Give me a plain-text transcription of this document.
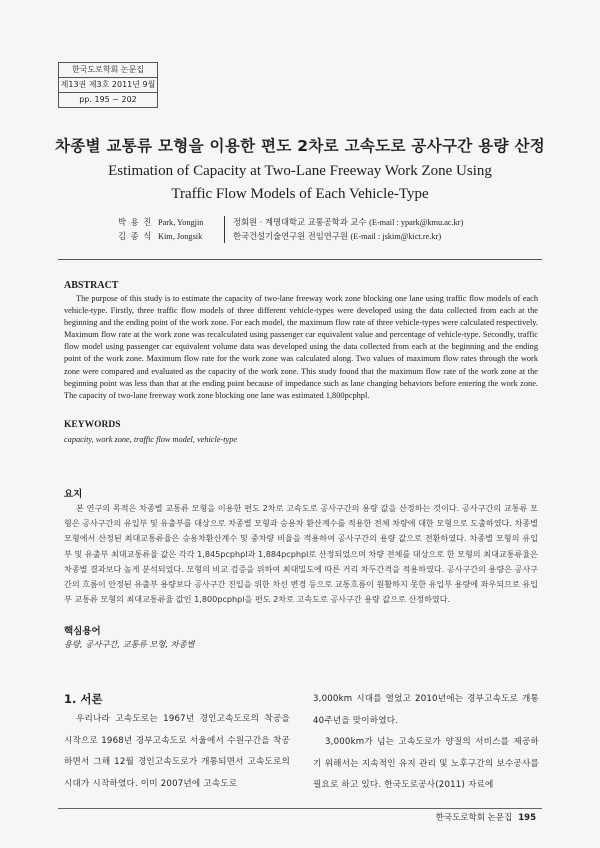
한국도로학회 논문집
제13권 제3호 2011년 9월
pp. 195 ~ 202
차종별 교통류 모형을 이용한 편도 2차로 고속도로 공사구간 용량 산정
Estimation of Capacity at Two-Lane Freeway Work Zone Using
Traffic Flow Models of Each Vehicle-Type
박 용 진 Park, Yongjin	정회원 · 계명대학교 교통공학과 교수 (E-mail : ypark@kmu.ac.kr)
김 종 식 Kim, Jongsik	한국건설기술연구원 전임연구원 (E-mail : jskim@kict.re.kr)
ABSTRACT

The purpose of this study is to estimate the capacity of two-lane freeway work zone blocking one lane using traffic flow models of each vehicle-type. Firstly, three traffic flow models of three different vehicle-types were developed using the data collected from each at the beginning and the ending point of the work zone. For each model, the maximum flow rate of three vehicle-types were calculated respectively. Maximum flow rate at the work zone was recalculated using passenger car equivalent value and percentage of vehicle-type. Secondly, traffic flow model using passenger car equivalent volume data was developed using the data collected from each at the beginning and the ending point of the work zone. Maximum flow rate for the work zone was calculated along. Two values of maximum flow rates through the work zone were compared and evaluated as the capacity of the work zone. This study found that the maximum flow rate of the work zone at the beginning point was less than that at the ending point because of impedance such as lane changing behaviors before entering the work zone. The capacity of two-lane freeway work zone blocking one lane was estimated 1,800pcphpl.

KEYWORDS
capacity, work zone, traffic flow model, vehicle-type
요지

본 연구의 목적은 차종별 교통류 모형을 이용한 편도 2차로 고속도로 공사구간의 용량 값을 산정하는 것이다. 공사구간의 교통류 모형은 공사구간의 유입부 및 유출부를 대상으로 차종별 모형과 승용차 환산계수를 적용한 전체 차량에 대한 모형으로 도출하였다. 차종별 모형에서 산정된 최대교통류율은 승용차환산계수 및 중차량 비율을 적용하여 공사구간의 용량 값으로 전환하였다. 차종별 모형의 유입부 및 유출부 최대교통류율 값은 각각 1,845pcphpl과 1,884pcphpl로 산정되었으며 차량 전체를 대상으로 한 모형의 최대교통류율은 차종별 결과보다 높게 분석되었다. 모형의 비교 검증을 위하여 최대밀도에 따른 거리 차두간격을 적용하였다. 공사구간의 용량은 공사구간의 흐름이 안정된 유출부 용량보다 공사구간 진입을 위한 차선 변경 등으로 교통흐름이 원활하지 못한 유입부 용량에 좌우되므로 유입부 교통류 모형의 최대교통류율 값인 1,800pcphpl을 편도 2차로 고속도로 공사구간 용량 값으로 산정하였다.

핵심용어
용량, 공사구간, 교통류 모형, 차종별
1. 서론

우리나라 고속도로는 1967년 경인고속도로의 착공을 시작으로 1968년 경부고속도로 서울에서 수원구간을 착공하면서 그해 12월 경인고속도로가 개통되면서 고속도로의 시대가 시작하였다. 이미 2007년에 고속도로

3,000km 시대를 열었고 2010년에는 경부고속도로 개통 40주년을 맞이하였다.

3,000km가 넘는 고속도로가 양질의 서비스를 제공하기 위해서는 지속적인 유지 관리 및 노후구간의 보수공사를 필요로 하고 있다. 한국도로공사(2011) 자료에

한국도로학회 논문집 195
